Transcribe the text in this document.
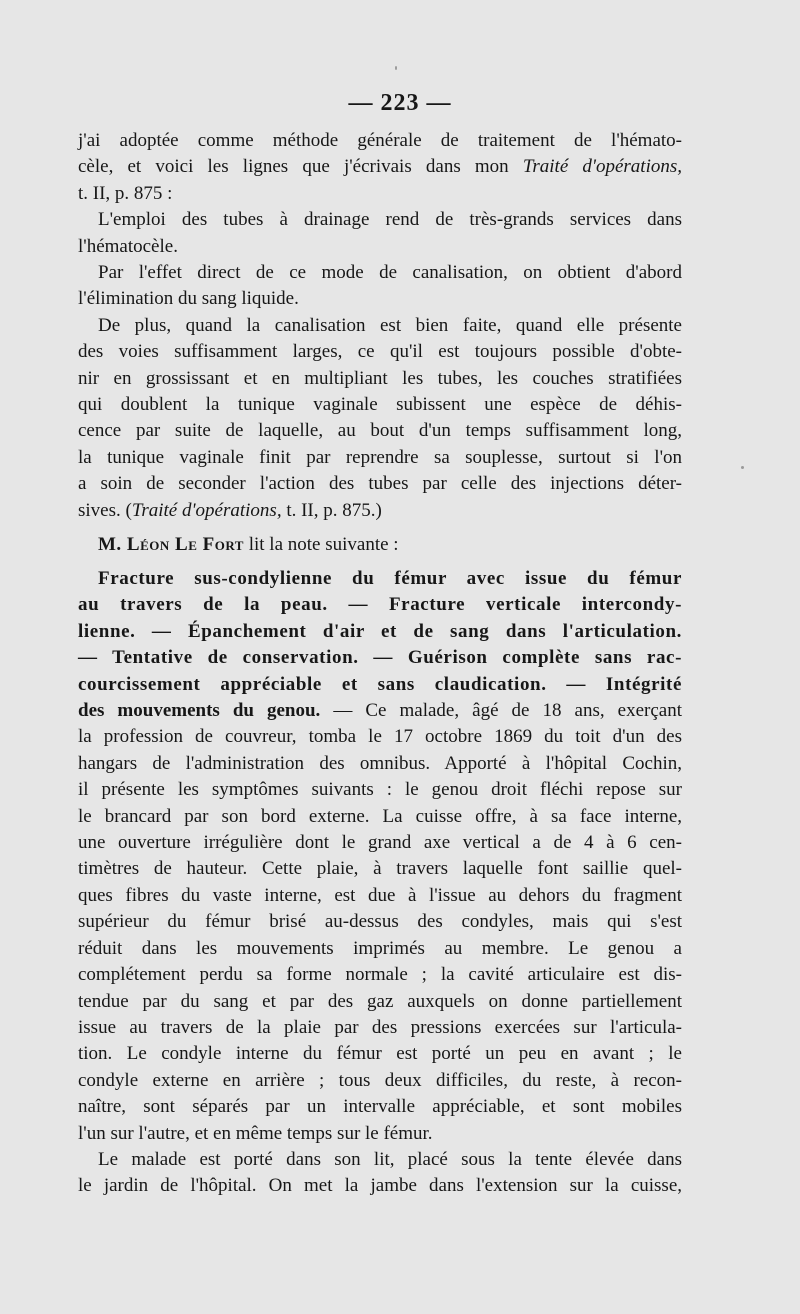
— 223 —
j'ai adoptée comme méthode générale de traitement de l'hémato-
cèle, et voici les lignes que j'écrivais dans mon Traité d'opérations,
t. II, p. 875 :
L'emploi des tubes à drainage rend de très-grands services dans
l'hématocèle.
Par l'effet direct de ce mode de canalisation, on obtient d'abord
l'élimination du sang liquide.
De plus, quand la canalisation est bien faite, quand elle présente
des voies suffisamment larges, ce qu'il est toujours possible d'obte-
nir en grossissant et en multipliant les tubes, les couches stratifiées
qui doublent la tunique vaginale subissent une espèce de déhis-
cence par suite de laquelle, au bout d'un temps suffisamment long,
la tunique vaginale finit par reprendre sa souplesse, surtout si l'on
a soin de seconder l'action des tubes par celle des injections déter-
sives. (Traité d'opérations, t. II, p. 875.)
M. Léon Le Fort lit la note suivante :
Fracture sus-condylienne du fémur avec issue du fémur
au travers de la peau. — Fracture verticale intercondy-
lienne. — Épanchement d'air et de sang dans l'articulation.
— Tentative de conservation. — Guérison complète sans rac-
courcissement appréciable et sans claudication. — Intégrité
des mouvements du genou. — Ce malade, âgé de 18 ans, exerçant
la profession de couvreur, tomba le 17 octobre 1869 du toit d'un des
hangars de l'administration des omnibus. Apporté à l'hôpital Cochin,
il présente les symptômes suivants : le genou droit fléchi repose sur
le brancard par son bord externe. La cuisse offre, à sa face interne,
une ouverture irrégulière dont le grand axe vertical a de 4 à 6 cen-
timètres de hauteur. Cette plaie, à travers laquelle font saillie quel-
ques fibres du vaste interne, est due à l'issue au dehors du fragment
supérieur du fémur brisé au-dessus des condyles, mais qui s'est
réduit dans les mouvements imprimés au membre. Le genou a
complétement perdu sa forme normale ; la cavité articulaire est dis-
tendue par du sang et par des gaz auxquels on donne partiellement
issue au travers de la plaie par des pressions exercées sur l'articula-
tion. Le condyle interne du fémur est porté un peu en avant ; le
condyle externe en arrière ; tous deux difficiles, du reste, à recon-
naître, sont séparés par un intervalle appréciable, et sont mobiles
l'un sur l'autre, et en même temps sur le fémur.
Le malade est porté dans son lit, placé sous la tente élevée dans
le jardin de l'hôpital. On met la jambe dans l'extension sur la cuisse,
